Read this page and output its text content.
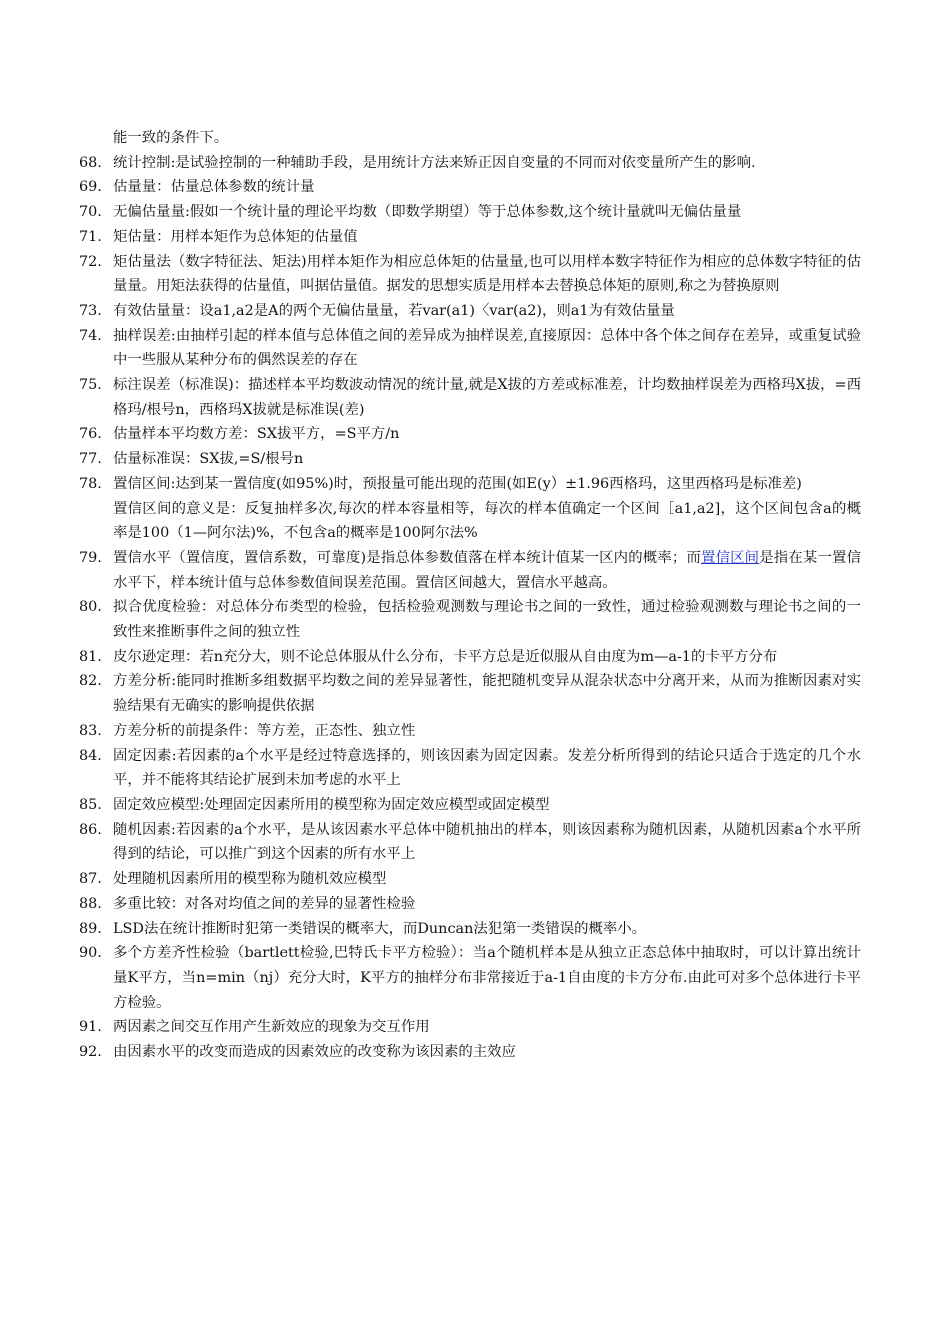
能一致的条件下。
68. 统计控制:是试验控制的一种辅助手段，是用统计方法来矫正因自变量的不同而对依变量所产生的影响.
69. 估量量：估量总体参数的统计量
70. 无偏估量量:假如一个统计量的理论平均数（即数学期望）等于总体参数,这个统计量就叫无偏估量量
71. 矩估量：用样本矩作为总体矩的估量值
72. 矩估量法（数字特征法、矩法)用样本矩作为相应总体矩的估量量,也可以用样本数字特征作为相应的总体数字特征的估量量。用矩法获得的估量值，叫据估量值。据发的思想实质是用样本去替换总体矩的原则,称之为替换原则
73. 有效估量量：设a1,a2是A的两个无偏估量量，若var(a1)〈var(a2)，则a1为有效估量量
74. 抽样误差:由抽样引起的样本值与总体值之间的差异成为抽样误差,直接原因：总体中各个体之间存在差异，或重复试验中一些服从某种分布的偶然误差的存在
75. 标注误差（标准误)：描述样本平均数波动情况的统计量,就是X拔的方差或标准差，计均数抽样误差为西格玛X拔，=西格玛/根号n，西格玛X拔就是标准误(差)
76. 估量样本平均数方差：SX拔平方，=S平方/n
77. 估量标准误：SX拔,=S/根号n
78. 置信区间:达到某一置信度(如95%)时，预报量可能出现的范围(如E(y）±1.96西格玛，这里西格玛是标准差)
置信区间的意义是：反复抽样多次,每次的样本容量相等，每次的样本值确定一个区间［a1,a2]，这个区间包含a的概率是100（1—阿尔法)%，不包含a的概率是100阿尔法%
79. 置信水平（置信度，置信系数，可靠度)是指总体参数值落在样本统计值某一区内的概率；而置信区间是指在某一置信水平下，样本统计值与总体参数值间误差范围。置信区间越大，置信水平越高。
80. 拟合优度检验：对总体分布类型的检验，包括检验观测数与理论书之间的一致性，通过检验观测数与理论书之间的一致性来推断事件之间的独立性
81. 皮尔逊定理：若n充分大，则不论总体服从什么分布，卡平方总是近似服从自由度为m—a-1的卡平方分布
82. 方差分析:能同时推断多组数据平均数之间的差异显著性，能把随机变异从混杂状态中分离开来，从而为推断因素对实验结果有无确实的影响提供依据
83. 方差分析的前提条件：等方差，正态性、独立性
84. 固定因素:若因素的a个水平是经过特意选择的，则该因素为固定因素。发差分析所得到的结论只适合于选定的几个水平，并不能将其结论扩展到未加考虑的水平上
85. 固定效应模型:处理固定因素所用的模型称为固定效应模型或固定模型
86. 随机因素:若因素的a个水平，是从该因素水平总体中随机抽出的样本，则该因素称为随机因素，从随机因素a个水平所得到的结论，可以推广到这个因素的所有水平上
87. 处理随机因素所用的模型称为随机效应模型
88. 多重比较：对各对均值之间的差异的显著性检验
89. LSD法在统计推断时犯第一类错误的概率大，而Duncan法犯第一类错误的概率小。
90. 多个方差齐性检验（bartlett检验,巴特氏卡平方检验）：当a个随机样本是从独立正态总体中抽取时，可以计算出统计量K平方，当n=min（nj）充分大时，K平方的抽样分布非常接近于a-1自由度的卡方分布.由此可对多个总体进行卡平方检验。
91. 两因素之间交互作用产生新效应的现象为交互作用
92. 由因素水平的改变而造成的因素效应的改变称为该因素的主效应
